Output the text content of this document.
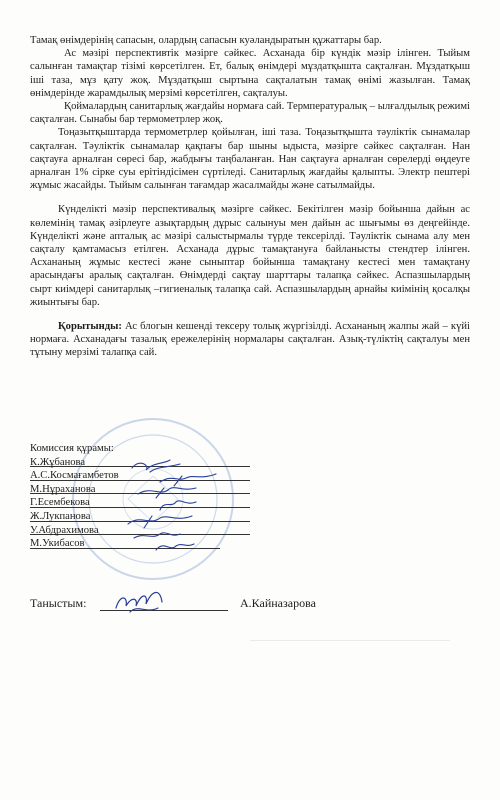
Тамақ өнімдерінің сапасын, олардың сапасын куәландыратын құжаттары бар.

Ас мәзірі перспективтік мәзірге сәйкес. Асханада бір күндік мәзір ілінген. Тыйым салынған тамақтар тізімі көрсетілген. Ет, балық өнімдері мұздатқышта сақталған. Мұздатқыш іші таза, мұз қату жоқ. Мұздатқыш сыртына сақталатын тамақ өнімі жазылған. Тамақ өнімдерінде жарамдылық мерзімі көрсетілген, сақталуы.

Қоймалардың санитарлық жағдайы нормаға сай. Термпературалық – ылғалдылық режимі сақталған. Сынабы бар термометрлер жоқ.

Тоңазытқыштарда термометрлер қойылған, іші таза. Тоңазытқышта тәуліктік сынамалар сақталған. Тәуліктік сынамалар қақпағы бар шыны ыдыста, мәзірге сәйкес сақталған. Нан сақтауға арналған сөресі бар, жабдығы таңбаланған. Нан сақтауға арналған сөрелерді өңдеуге арналған 1% сірке суы ерітіндісімен сүртіледі. Санитарлық жағдайы қалыпты. Электр пештері жұмыс жасайды. Тыйым салынған тағамдар жасалмайды және сатылмайды.

Күнделікті мәзір перспективалық мәзірге сәйкес. Бекітілген мәзір бойынша дайын ас көлемінің тамақ әзірлеуге азықтардың дұрыс салынуы мен дайын ас шығымы өз деңгейінде. Күнделікті және апталық ас мәзірі салыстырмалы түрде тексерілді. Тәуліктік сынама алу мен сақталу қамтамасыз етілген. Асханада дұрыс тамақтануға байланысты стендтер ілінген. Асхананың жұмыс кестесі және сыныптар бойынша тамақтану кестесі мен тамақтану арасындағы аралық сақталған. Өнімдерді сақтау шарттары талапқа сәйкес. Аспазшылардың сырт киімдері санитарлық –гигиеналық талапқа сай. Аспазшылардың арнайы киімінің қосалқы жиынтығы бар.

Қорытынды: Ас блогын кешенді тексеру толық жүргізілді. Асхананың жалпы жай – күйі нормаға. Асханадағы тазалық ережелерінің нормалары сақталған. Азық-түліктің сақталуы мен тұтыну мерзімі талапқа сай.

Комиссия құрамы:
К.Жұбанова
А.С.Космағамбетов
М.Нұраханова
Г.Есембекова
Ж.Лукпанова
У.Абдрахимова
М.Укибасов
Таныстым:	А.Кайназарова
